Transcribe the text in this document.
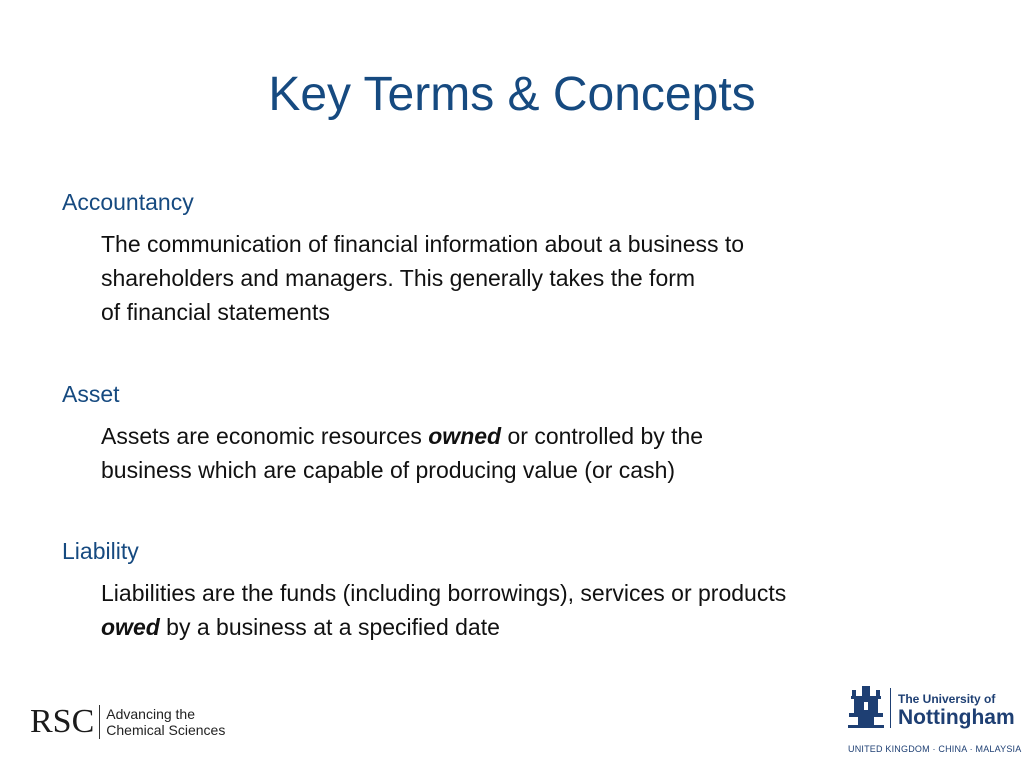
Key Terms & Concepts
Accountancy
The communication of financial information about a business to
shareholders and managers. This generally takes the form
of financial statements
Asset
Assets are economic resources owned or controlled by the
business which are capable of producing value (or cash)
Liability
Liabilities are the funds (including borrowings), services or products
owed by a business at a specified date
RSC Advancing the
Chemical Sciences
The University of
Nottingham
UNITED KINGDOM · CHINA · MALAYSIA
